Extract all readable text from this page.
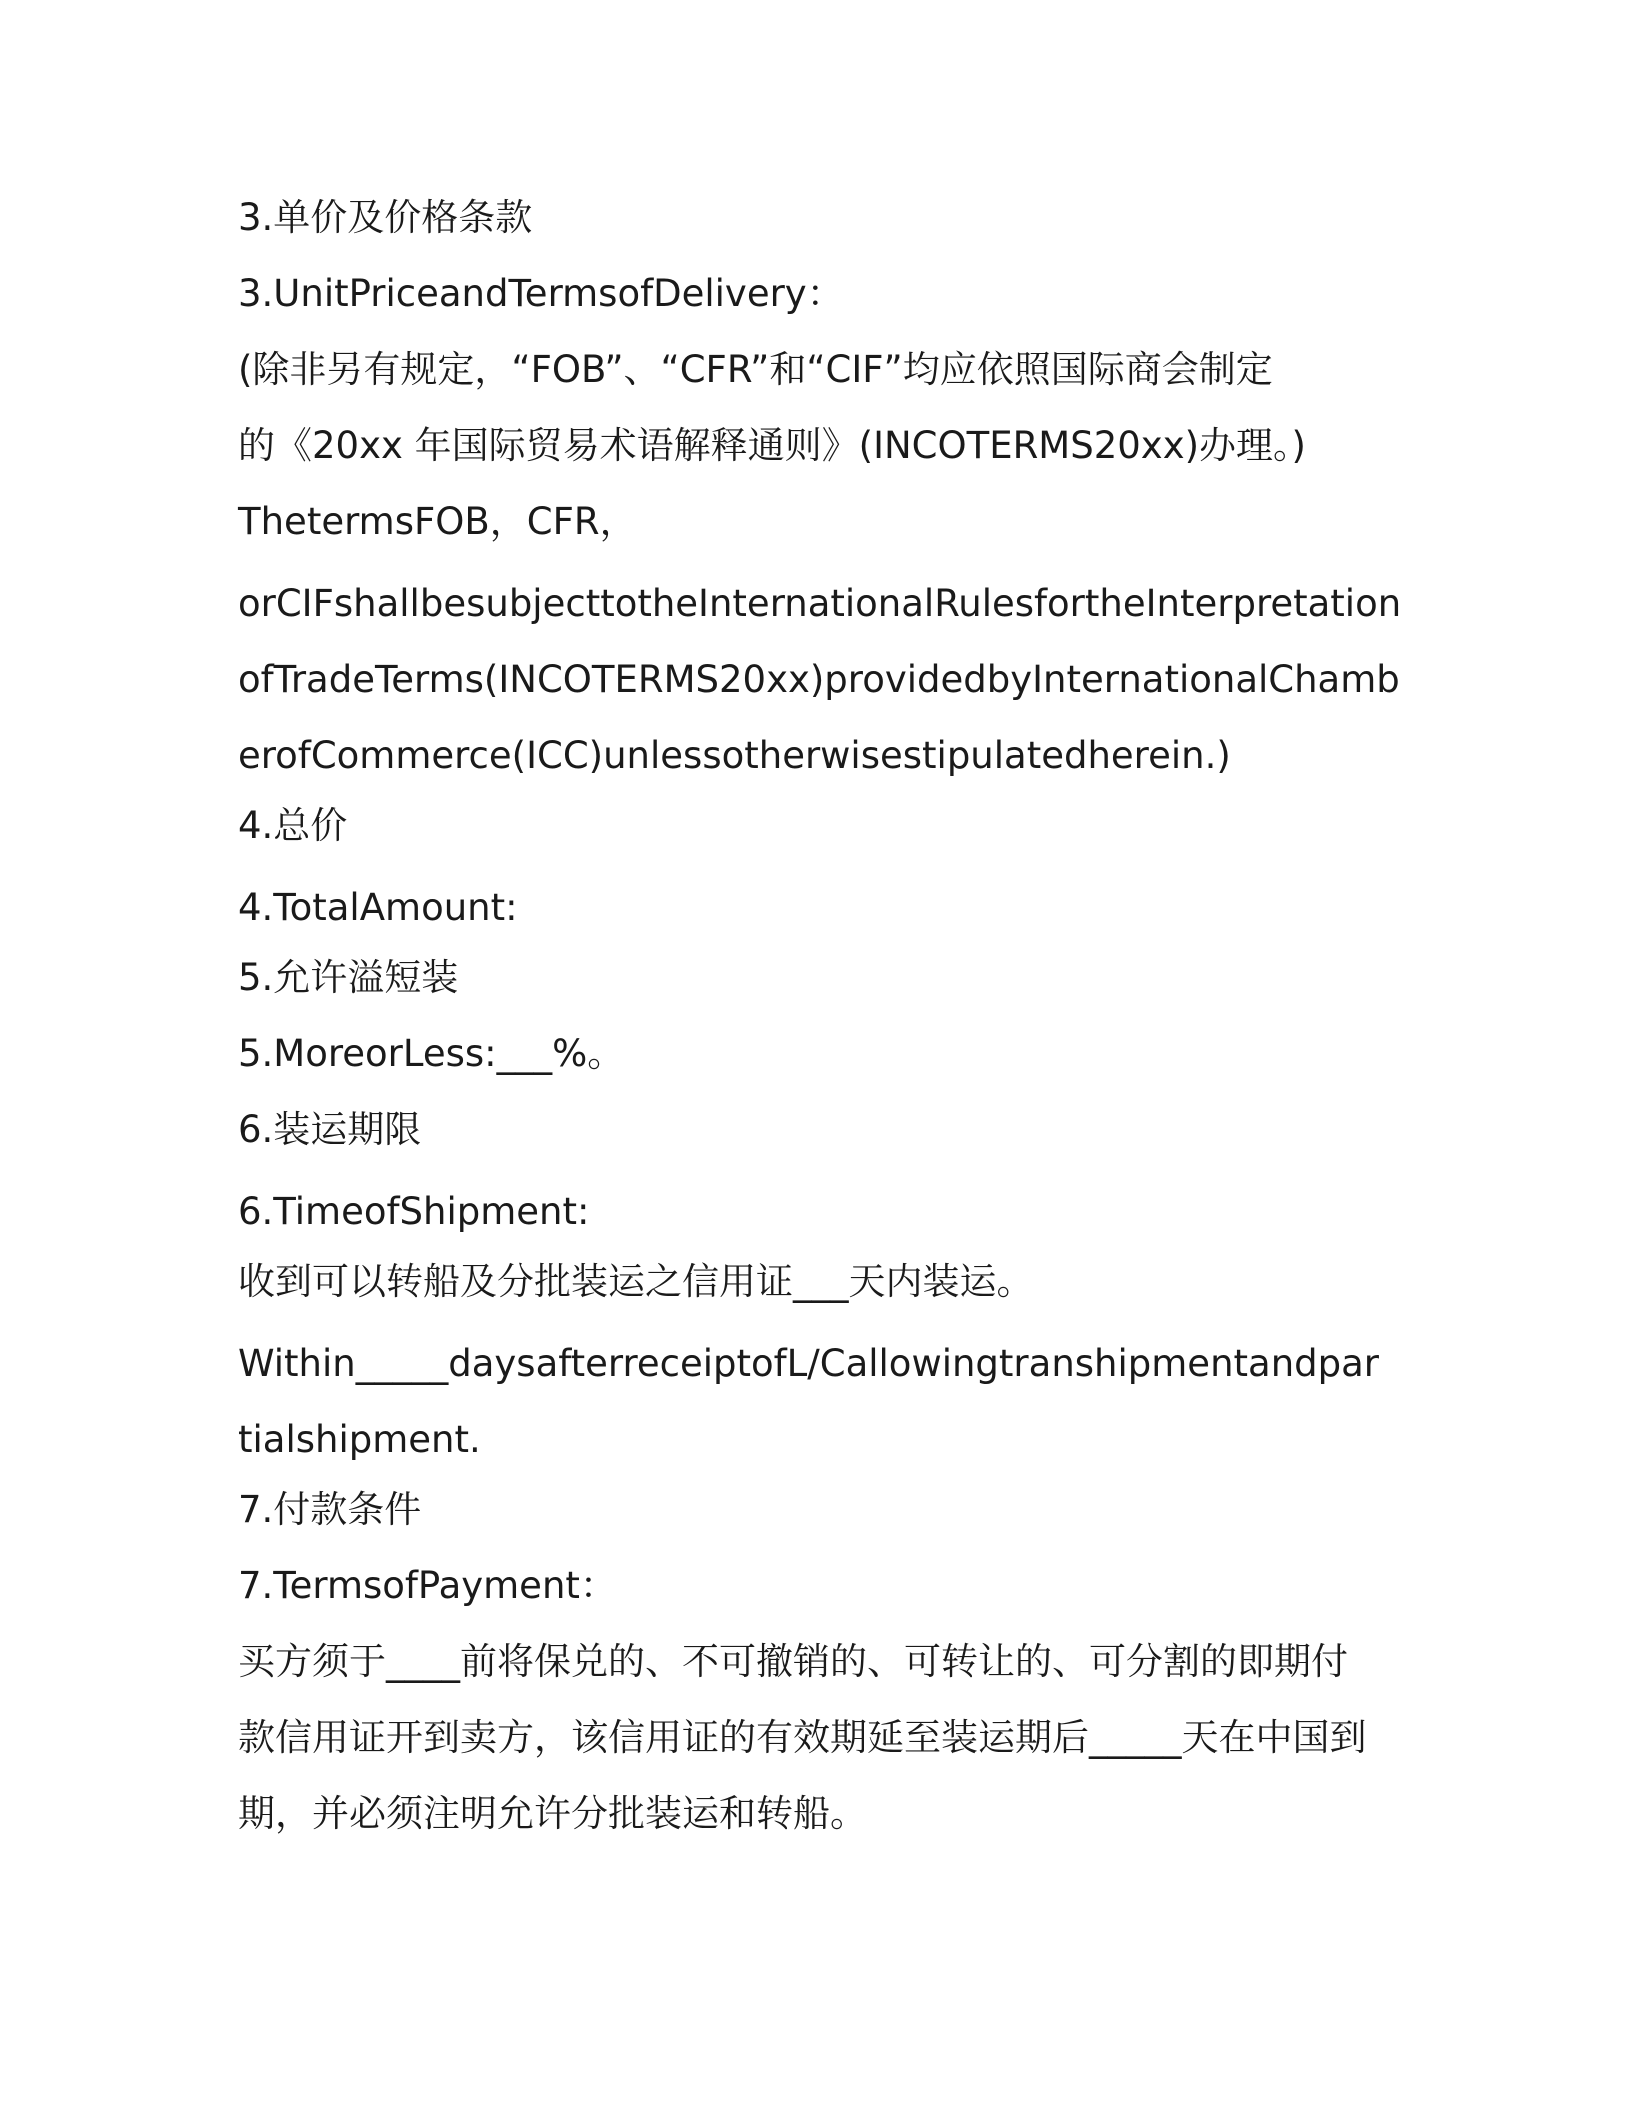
3.单价及价格条款

3.UnitPriceandTermsofDelivery：

(除非另有规定，“FOB”、“CFR”和“CIF”均应依照国际商会制定

的《20xx 年国际贸易术语解释通则》(INCOTERMS20xx)办理。)

ThetermsFOB，CFR，

orCIFshallbesubjecttotheInternationalRulesfortheInterpretation

ofTradeTerms(INCOTERMS20xx)providedbyInternationalChamb

erofCommerce(ICC)unlessotherwisestipulatedherein.)

4.总价

4.TotalAmount:

5.允许溢短装

5.MoreorLess:___%。

6.装运期限

6.TimeofShipment:

收到可以转船及分批装运之信用证___天内装运。

Within_____daysafterreceiptofL/Callowingtranshipmentandpar

tialshipment.

7.付款条件

7.TermsofPayment：

买方须于____前将保兑的、不可撤销的、可转让的、可分割的即期付

款信用证开到卖方，该信用证的有效期延至装运期后_____天在中国到

期，并必须注明允许分批装运和转船。
